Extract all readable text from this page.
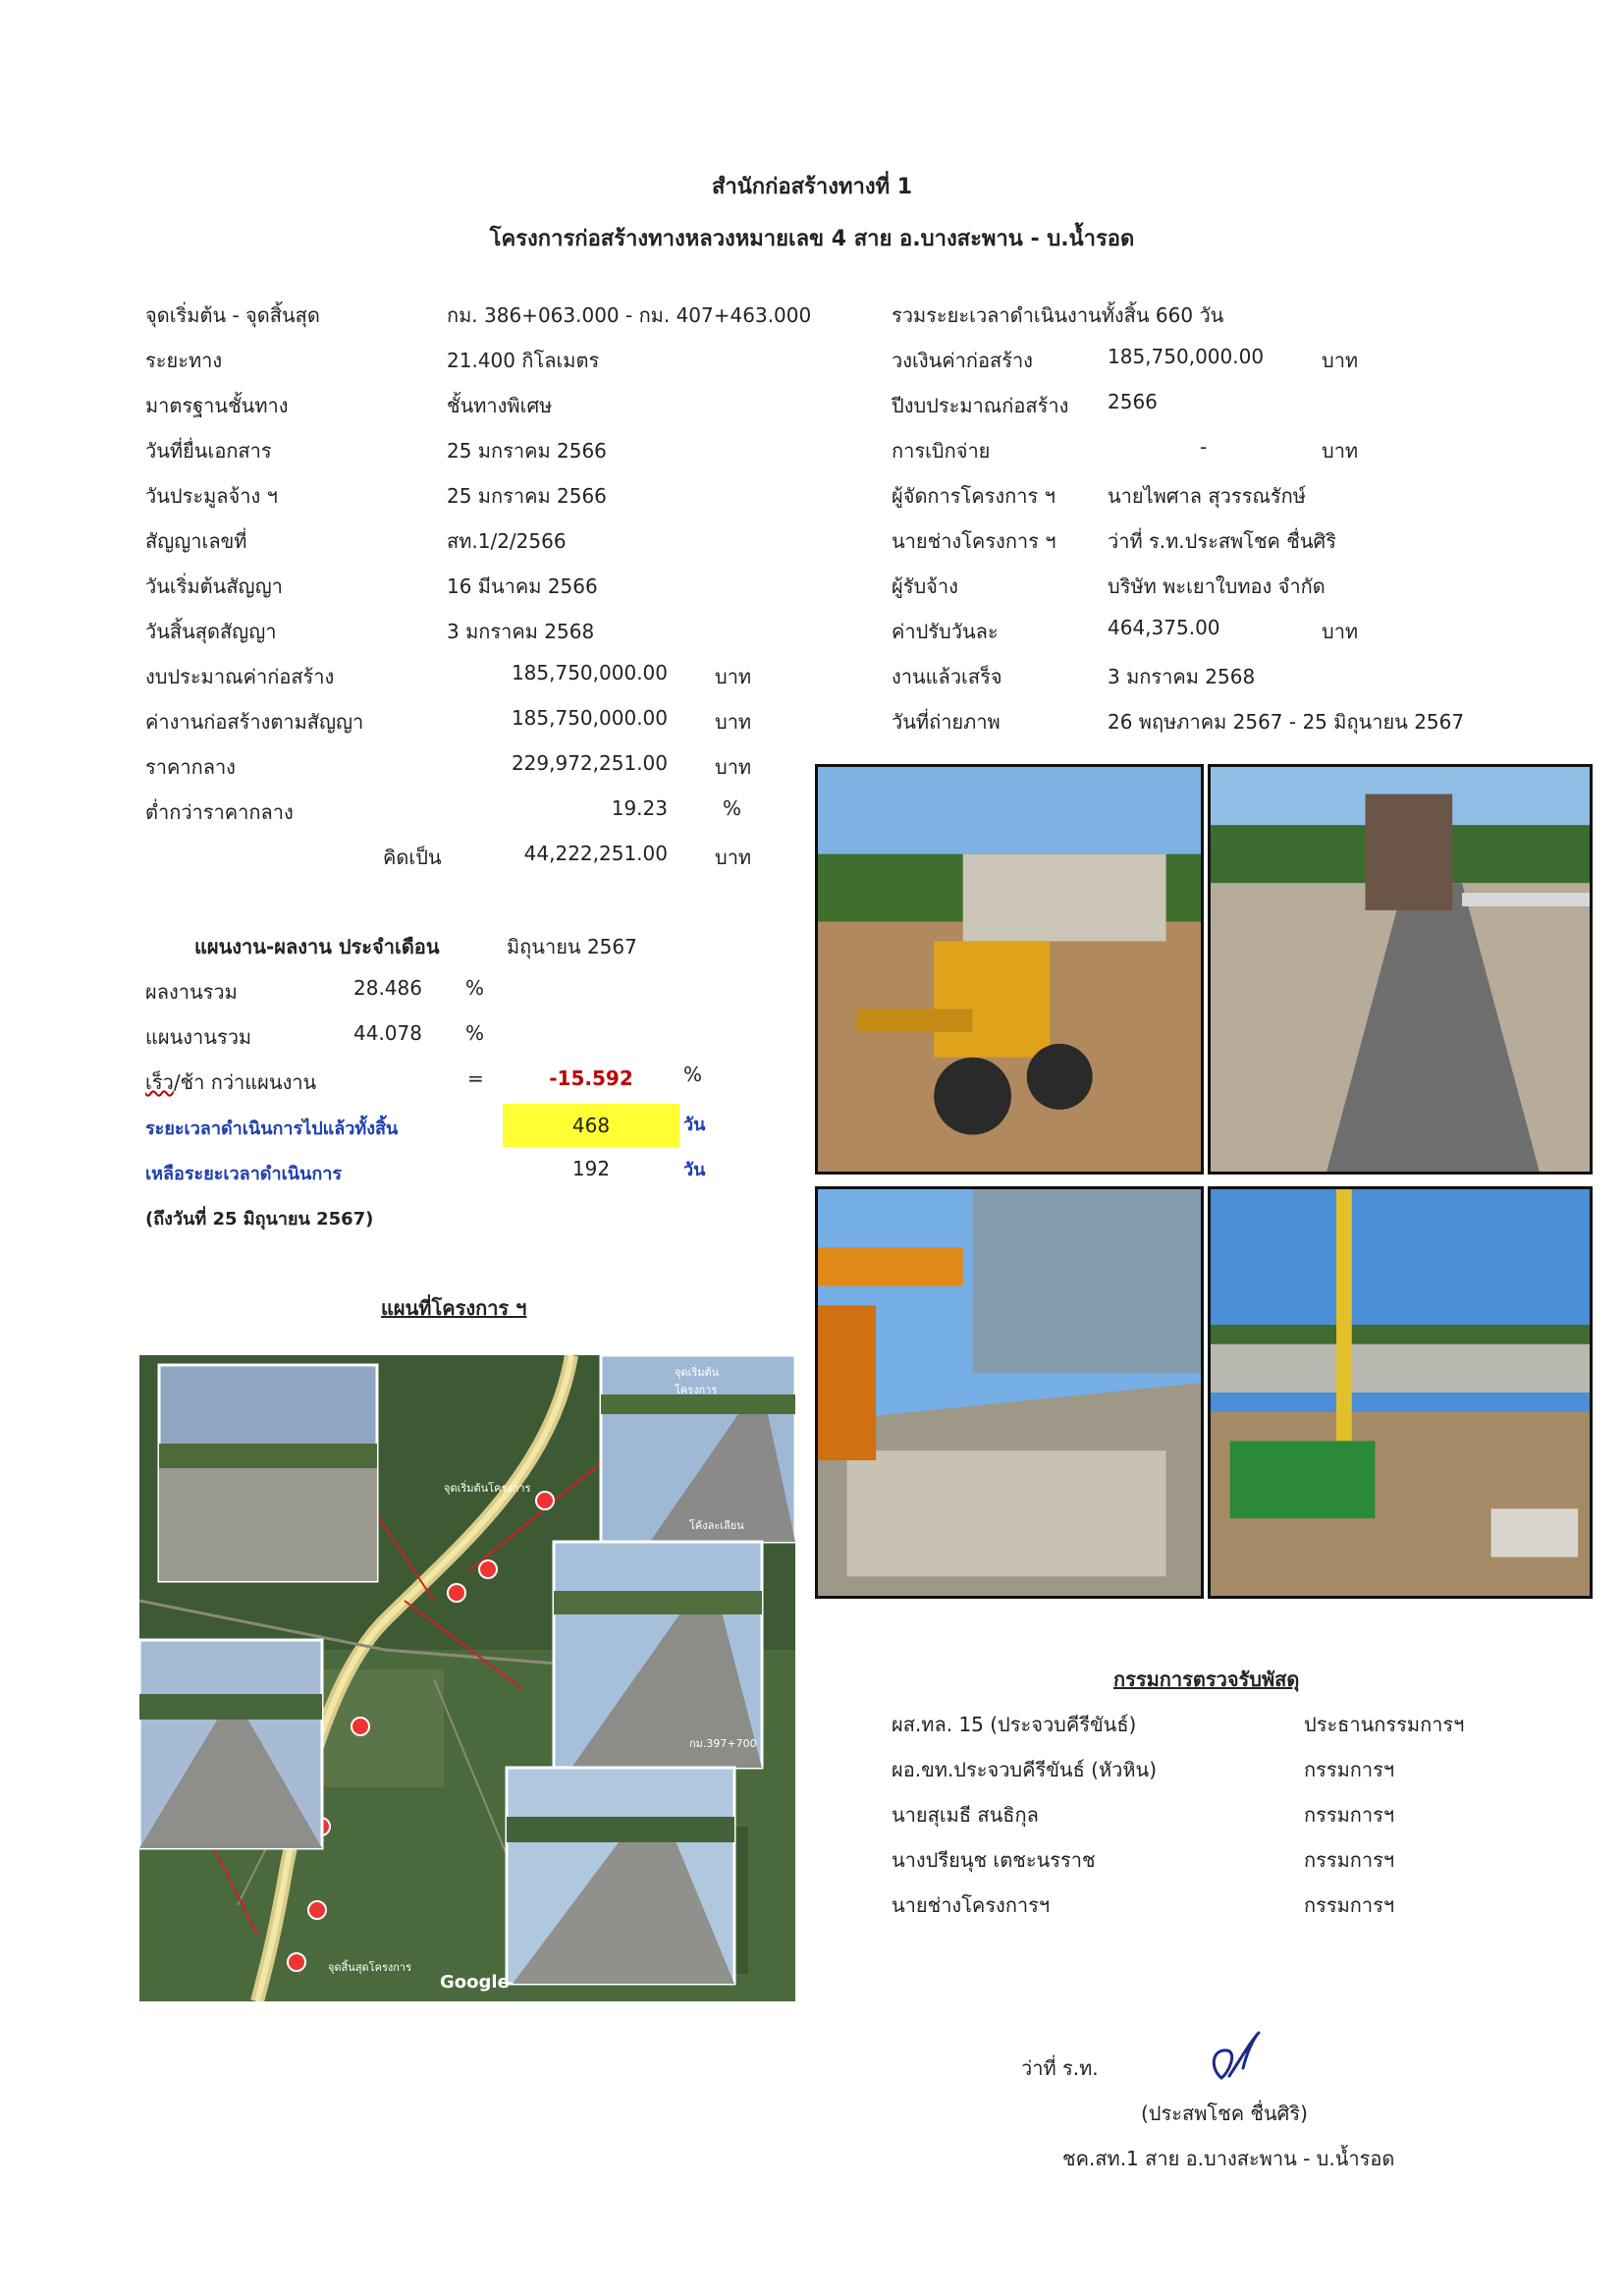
สำนักก่อสร้างทางที่ 1
โครงการก่อสร้างทางหลวงหมายเลข 4 สาย อ.บางสะพาน - บ.น้ำรอด
จุดเริ่มต้น - จุดสิ้นสุด	กม. 386+063.000 - กม. 407+463.000
ระยะทาง	21.400 กิโลเมตร
มาตรฐานชั้นทาง	ชั้นทางพิเศษ
วันที่ยื่นเอกสาร	25 มกราคม 2566
วันประมูลจ้าง ฯ	25 มกราคม 2566
สัญญาเลขที่	สท.1/2/2566
วันเริ่มต้นสัญญา	16 มีนาคม 2566
วันสิ้นสุดสัญญา	3 มกราคม 2568
งบประมาณค่าก่อสร้าง	185,750,000.00 บาท
ค่างานก่อสร้างตามสัญญา	185,750,000.00 บาท
ราคากลาง	229,972,251.00 บาท
ต่ำกว่าราคากลาง	19.23	%
คิดเป็น	44,222,251.00 บาท
รวมระยะเวลาดำเนินงานทั้งสิ้น 660 วัน
วงเงินค่าก่อสร้าง	185,750,000.00	บาท
ปีงบประมาณก่อสร้าง 2566
การเบิกจ่าย	-	บาท
ผู้จัดการโครงการ ฯ	นายไพศาล สุวรรณรักษ์
นายช่างโครงการ ฯ	ว่าที่ ร.ท.ประสพโชค ชื่นศิริ
ผู้รับจ้าง	บริษัท พะเยาใบทอง จำกัด
ค่าปรับวันละ	464,375.00	บาท
งานแล้วเสร็จ	3 มกราคม 2568
วันที่ถ่ายภาพ	26 พฤษภาคม 2567 - 25 มิถุนายน 2567
แผนงาน-ผลงาน ประจำเดือน	มิถุนายน 2567
ผลงานรวม	28.486 %
แผนงานรวม	44.078 %
เร็ว/ช้า กว่าแผนงาน	=	-15.592	%
ระยะเวลาดำเนินการไปแล้วทั้งสิ้น	468	วัน
เหลือระยะเวลาดำเนินการ	192	วัน
(ถึงวันที่ 25 มิถุนายน 2567)
แผนที่โครงการ ฯ
จุดเริ่มต้น
โครงการ
จุดเริ่มต้นโครงการ
จุดสิ้นสุดโครงการ
กม.397+700
โค้งละเลียน
Google
กรรมการตรวจรับพัสดุ
ผส.ทล. 15 (ประจวบคีรีขันธ์)	ประธานกรรมการฯ
ผอ.ขท.ประจวบคีรีขันธ์ (หัวหิน)	กรรมการฯ
นายสุเมธี สนธิกุล	กรรมการฯ
นางปรียนุช เตชะนรราช	กรรมการฯ
นายช่างโครงการฯ	กรรมการฯ
ว่าที่ ร.ท.
(ประสพโชค ชื่นศิริ)
ชค.สท.1 สาย อ.บางสะพาน - บ.น้ำรอด
